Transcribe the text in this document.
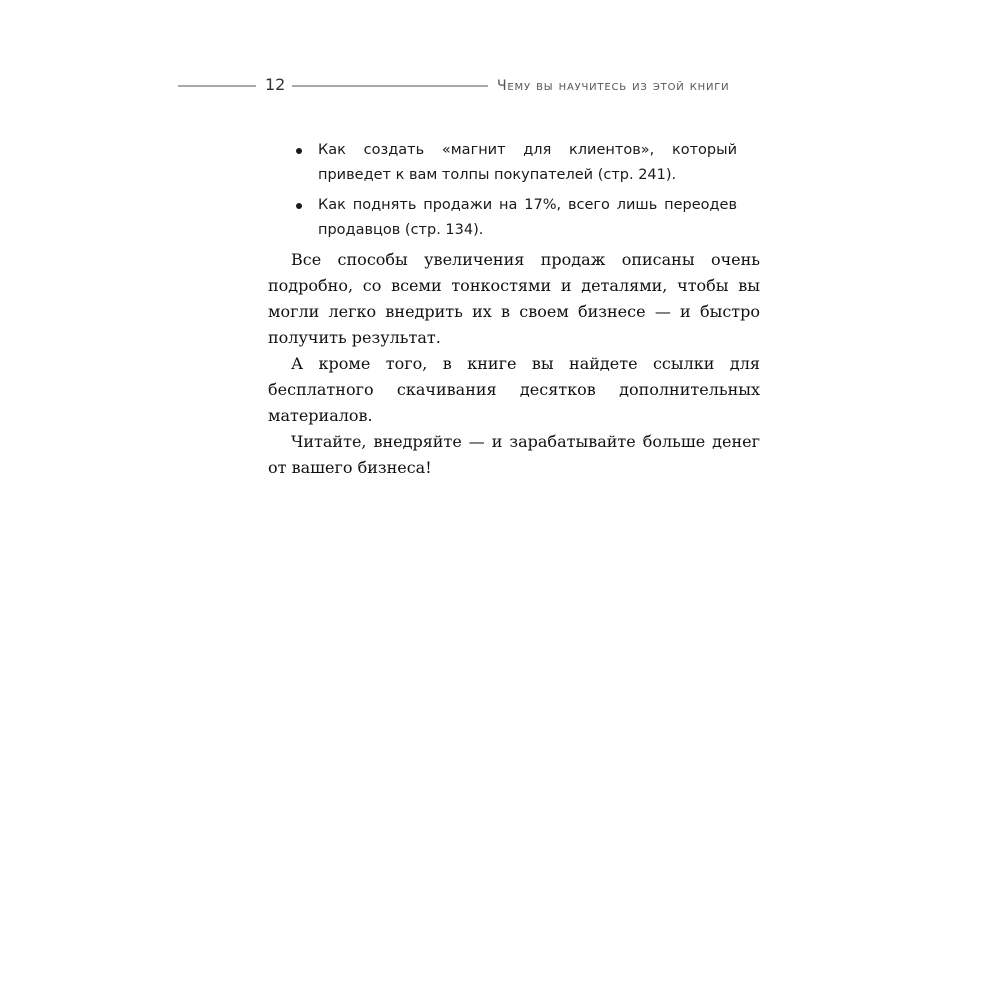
12	Чему вы научитесь из этой книги
Как создать «магнит для клиентов», который приведет к вам толпы покупателей (стр. 241).
Как поднять продажи на 17%, всего лишь переодев продавцов (стр. 134).

Все способы увеличения продаж описаны очень подробно, со всеми тонкостями и деталями, чтобы вы могли легко внедрить их в своем бизнесе — и быстро получить результат.

А кроме того, в книге вы найдете ссылки для бесплатного скачивания десятков дополнительных материалов.

Читайте, внедряйте — и зарабатывайте больше денег от вашего бизнеса!
